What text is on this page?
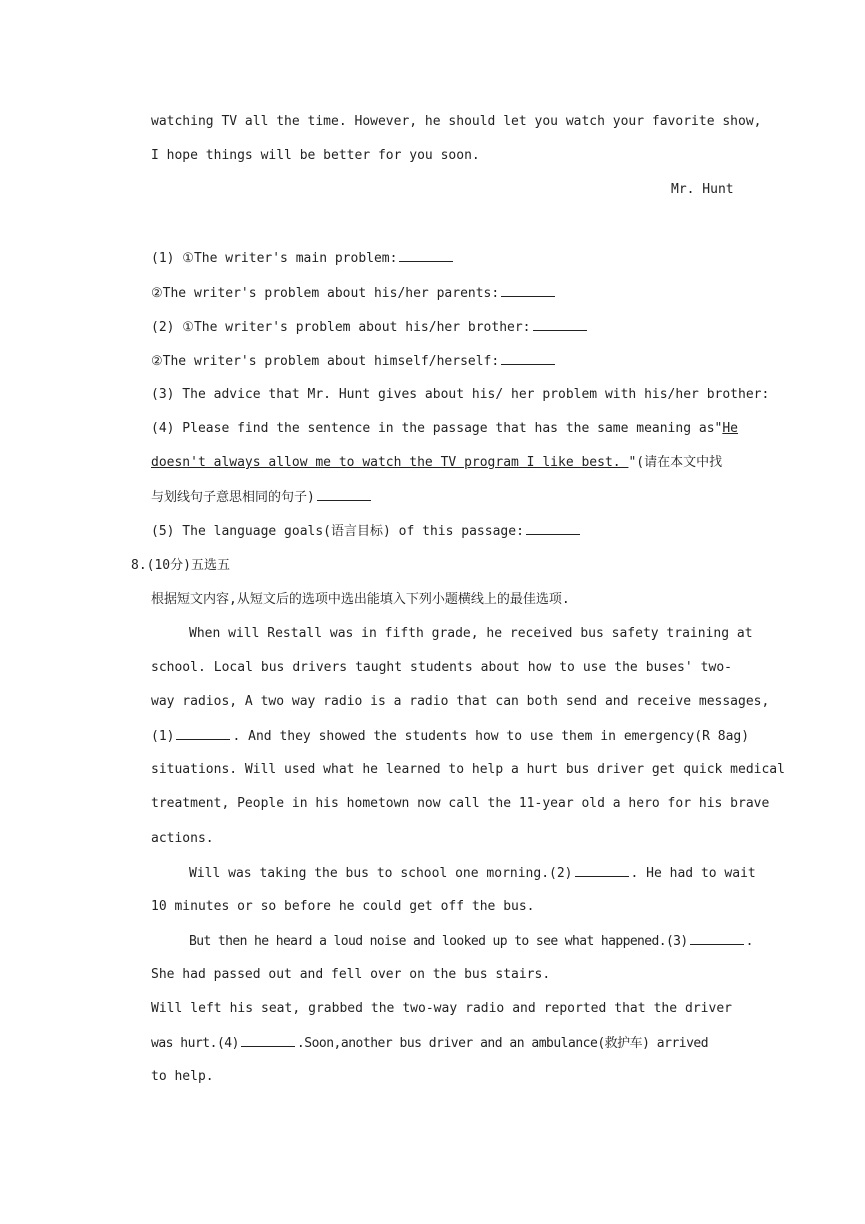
watching TV all the time. However, he should let you watch your favorite show,
I hope things will be better for you soon.
Mr. Hunt
(1) ①The writer's main problem:
②The writer's problem about his/her parents:
(2) ①The writer's problem about his/her brother:
②The writer's problem about himself/herself:
(3) The advice that Mr. Hunt gives about his/ her problem with his/her brother:
(4) Please find the sentence in the passage that has the same meaning as"He
doesn't always allow me to watch the TV program I like best. "(请在本文中找
与划线句子意思相同的句子)
(5) The language goals(语言目标) of this passage:
8.(10分)五选五
根据短文内容,从短文后的选项中选出能填入下列小题横线上的最佳选项.
When will Restall was in fifth grade, he received bus safety training at
school. Local bus drivers taught students about how to use the buses' two-
way radios, A two way radio is a radio that can both send and receive messages,
(1)	. And they showed the students how to use them in emergency(R 8ag)
situations. Will used what he learned to help a hurt bus driver get quick medical
treatment, People in his hometown now call the 11-year old a hero for his brave
actions.
Will was taking the bus to school one morning.(2)	. He had to wait
10 minutes or so before he could get off the bus.
But then he heard a loud noise and looked up to see what happened.(3)	.
She had passed out and fell over on the bus stairs.
Will left his seat, grabbed the two-way radio and reported that the driver
was hurt.(4)	.Soon,another bus driver and an ambulance(救护车) arrived
to help.
